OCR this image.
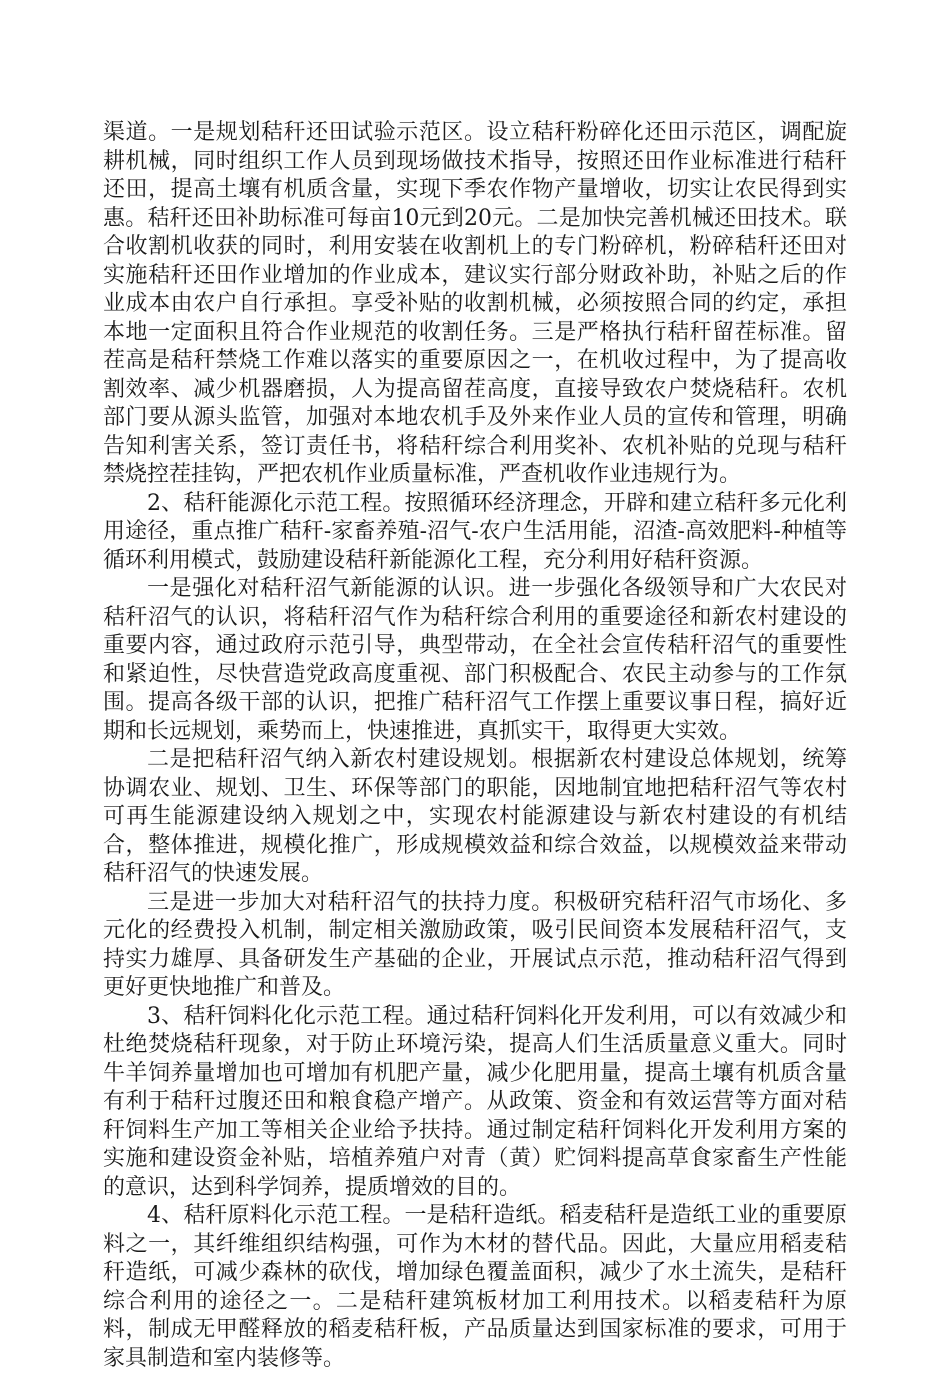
渠道。一是规划秸秆还田试验示范区。设立秸秆粉碎化还田示范区，调配旋耕机械，同时组织工作人员到现场做技术指导，按照还田作业标准进行秸秆还田，提高土壤有机质含量，实现下季农作物产量增收，切实让农民得到实惠。秸秆还田补助标准可每亩10元到20元。二是加快完善机械还田技术。联合收割机收获的同时，利用安装在收割机上的专门粉碎机，粉碎秸秆还田对实施秸秆还田作业增加的作业成本，建议实行部分财政补助，补贴之后的作业成本由农户自行承担。享受补贴的收割机械，必须按照合同的约定，承担本地一定面积且符合作业规范的收割任务。三是严格执行秸秆留茬标准。留茬高是秸秆禁烧工作难以落实的重要原因之一，在机收过程中，为了提高收割效率、减少机器磨损，人为提高留茬高度，直接导致农户焚烧秸秆。农机部门要从源头监管，加强对本地农机手及外来作业人员的宣传和管理，明确告知利害关系，签订责任书，将秸秆综合利用奖补、农机补贴的兑现与秸秆禁烧控茬挂钩，严把农机作业质量标准，严查机收作业违规行为。

2、秸秆能源化示范工程。按照循环经济理念，开辟和建立秸秆多元化利用途径，重点推广秸秆-家畜养殖-沼气-农户生活用能，沼渣-高效肥料-种植等循环利用模式，鼓励建设秸秆新能源化工程，充分利用好秸秆资源。

一是强化对秸秆沼气新能源的认识。进一步强化各级领导和广大农民对秸秆沼气的认识，将秸秆沼气作为秸秆综合利用的重要途径和新农村建设的重要内容，通过政府示范引导，典型带动，在全社会宣传秸秆沼气的重要性和紧迫性，尽快营造党政高度重视、部门积极配合、农民主动参与的工作氛围。提高各级干部的认识，把推广秸秆沼气工作摆上重要议事日程，搞好近期和长远规划，乘势而上，快速推进，真抓实干，取得更大实效。

二是把秸秆沼气纳入新农村建设规划。根据新农村建设总体规划，统筹协调农业、规划、卫生、环保等部门的职能，因地制宜地把秸秆沼气等农村可再生能源建设纳入规划之中，实现农村能源建设与新农村建设的有机结合，整体推进，规模化推广，形成规模效益和综合效益，以规模效益来带动秸秆沼气的快速发展。

三是进一步加大对秸秆沼气的扶持力度。积极研究秸秆沼气市场化、多元化的经费投入机制，制定相关激励政策，吸引民间资本发展秸秆沼气，支持实力雄厚、具备研发生产基础的企业，开展试点示范，推动秸秆沼气得到更好更快地推广和普及。

3、秸秆饲料化化示范工程。通过秸秆饲料化开发利用，可以有效减少和杜绝焚烧秸秆现象，对于防止环境污染，提高人们生活质量意义重大。同时牛羊饲养量增加也可增加有机肥产量，减少化肥用量，提高土壤有机质含量有利于秸秆过腹还田和粮食稳产增产。从政策、资金和有效运营等方面对秸秆饲料生产加工等相关企业给予扶持。通过制定秸秆饲料化开发利用方案的实施和建设资金补贴，培植养殖户对青（黄）贮饲料提高草食家畜生产性能的意识，达到科学饲养，提质增效的目的。

4、秸秆原料化示范工程。一是秸秆造纸。稻麦秸秆是造纸工业的重要原料之一，其纤维组织结构强，可作为木材的替代品。因此，大量应用稻麦秸秆造纸，可减少森林的砍伐，增加绿色覆盖面积，减少了水土流失，是秸秆综合利用的途径之一。二是秸秆建筑板材加工利用技术。以稻麦秸秆为原料，制成无甲醛释放的稻麦秸秆板，产品质量达到国家标准的要求，可用于家具制造和室内装修等。
